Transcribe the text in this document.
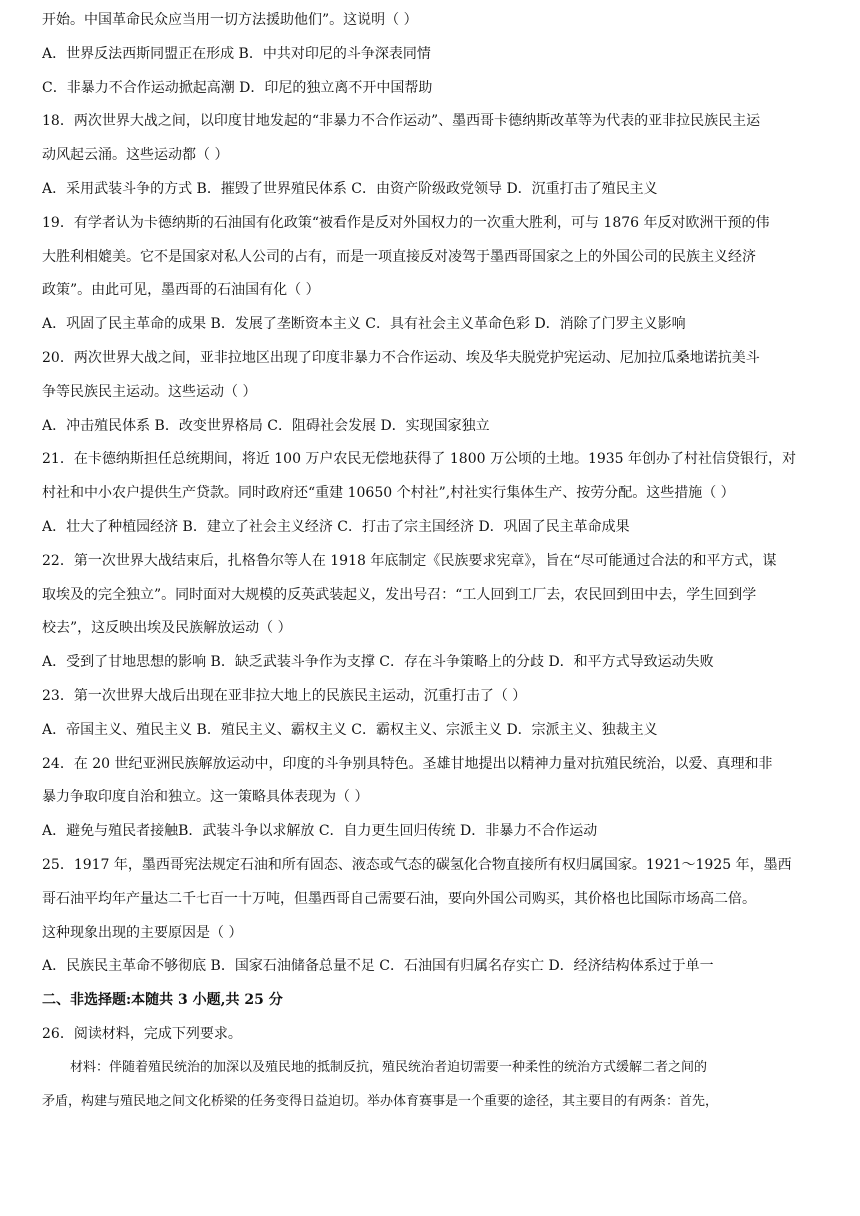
开始。中国革命民众应当用一切方法援助他们”。这说明（ ）
A．世界反法西斯同盟正在形成 B．中共对印尼的斗争深表同情
C．非暴力不合作运动掀起高潮 D．印尼的独立离不开中国帮助
18．两次世界大战之间，以印度甘地发起的“非暴力不合作运动”、墨西哥卡德纳斯改革等为代表的亚非拉民族民主运
动风起云涌。这些运动都（ ）
A．采用武装斗争的方式 B．摧毁了世界殖民体系 C．由资产阶级政党领导 D．沉重打击了殖民主义
19．有学者认为卡德纳斯的石油国有化政策“被看作是反对外国权力的一次重大胜利，可与 1876 年反对欧洲干预的伟
大胜利相媲美。它不是国家对私人公司的占有，而是一项直接反对凌驾于墨西哥国家之上的外国公司的民族主义经济
政策”。由此可见，墨西哥的石油国有化（ ）
A．巩固了民主革命的成果 B．发展了垄断资本主义 C．具有社会主义革命色彩 D．消除了门罗主义影响
20．两次世界大战之间，亚非拉地区出现了印度非暴力不合作运动、埃及华夫脱党护宪运动、尼加拉瓜桑地诺抗美斗
争等民族民主运动。这些运动（ ）
A．冲击殖民体系 B．改变世界格局 C．阻碍社会发展 D．实现国家独立
21．在卡德纳斯担任总统期间，将近 100 万户农民无偿地获得了 1800 万公顷的土地。1935 年创办了村社信贷银行，对
村社和中小农户提供生产贷款。同时政府还“重建 10650 个村社”,村社实行集体生产、按劳分配。这些措施（ ）
A．壮大了种植园经济 B．建立了社会主义经济 C．打击了宗主国经济 D．巩固了民主革命成果
22．第一次世界大战结束后，扎格鲁尔等人在 1918 年底制定《民族要求宪章》，旨在“尽可能通过合法的和平方式，谋
取埃及的完全独立”。同时面对大规模的反英武装起义，发出号召：“工人回到工厂去，农民回到田中去，学生回到学
校去”，这反映出埃及民族解放运动（ ）
A．受到了甘地思想的影响 B．缺乏武装斗争作为支撑 C．存在斗争策略上的分歧 D．和平方式导致运动失败
23．第一次世界大战后出现在亚非拉大地上的民族民主运动，沉重打击了（ ）
A．帝国主义、殖民主义 B．殖民主义、霸权主义 C．霸权主义、宗派主义 D．宗派主义、独裁主义
24．在 20 世纪亚洲民族解放运动中，印度的斗争别具特色。圣雄甘地提出以精神力量对抗殖民统治，以爱、真理和非
暴力争取印度自治和独立。这一策略具体表现为（ ）
A．避免与殖民者接触B．武装斗争以求解放 C．自力更生回归传统 D．非暴力不合作运动
25．1917 年，墨西哥宪法规定石油和所有固态、液态或气态的碳氢化合物直接所有权归属国家。1921～1925 年，墨西
哥石油平均年产量达二千七百一十万吨，但墨西哥自己需要石油，要向外国公司购买，其价格也比国际市场高二倍。
这种现象出现的主要原因是（ ）
A．民族民主革命不够彻底 B．国家石油储备总量不足 C．石油国有归属名存实亡 D．经济结构体系过于单一
二、非选择题:本随共 3 小题,共 25 分
26．阅读材料，完成下列要求。
材料：伴随着殖民统治的加深以及殖民地的抵制反抗，殖民统治者迫切需要一种柔性的统治方式缓解二者之间的
矛盾，构建与殖民地之间文化桥梁的任务变得日益迫切。举办体育赛事是一个重要的途径，其主要目的有两条：首先，
